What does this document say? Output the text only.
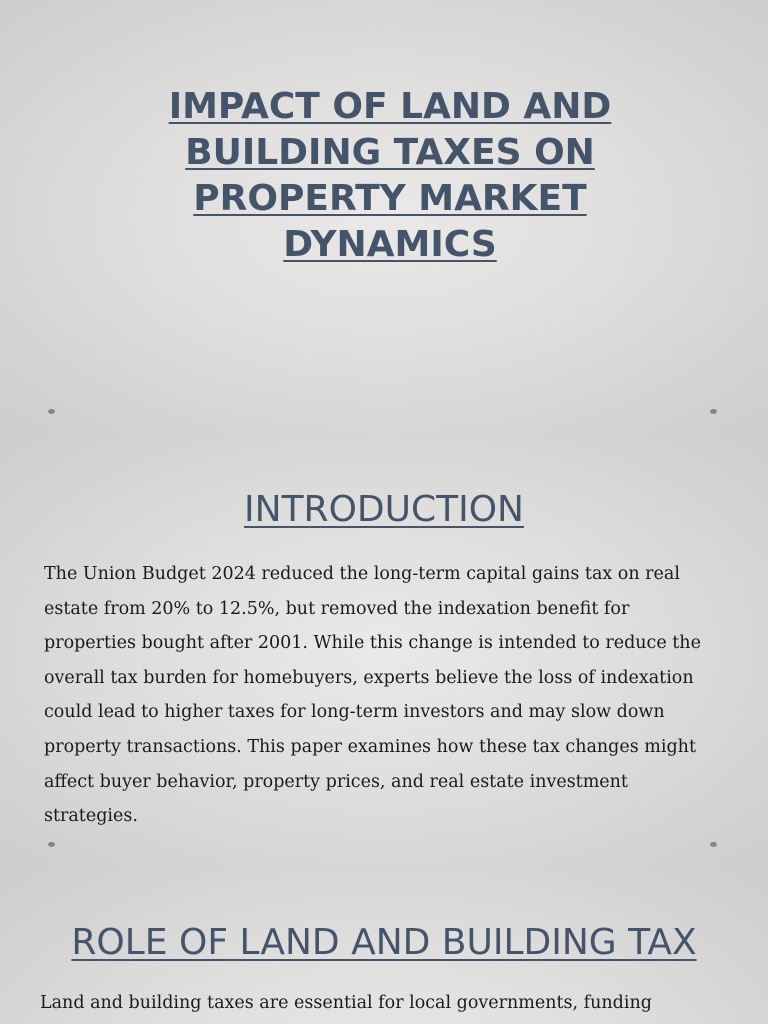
IMPACT OF LAND AND
BUILDING TAXES ON
PROPERTY MARKET
DYNAMICS
INTRODUCTION

The Union Budget 2024 reduced the long-term capital gains tax on real estate from 20% to 12.5%, but removed the indexation benefit for properties bought after 2001. While this change is intended to reduce the overall tax burden for homebuyers, experts believe the loss of indexation could lead to higher taxes for long-term investors and may slow down property transactions. This paper examines how these tax changes might affect buyer behavior, property prices, and real estate investment strategies.

ROLE OF LAND AND BUILDING TAX

Land and building taxes are essential for local governments, funding
